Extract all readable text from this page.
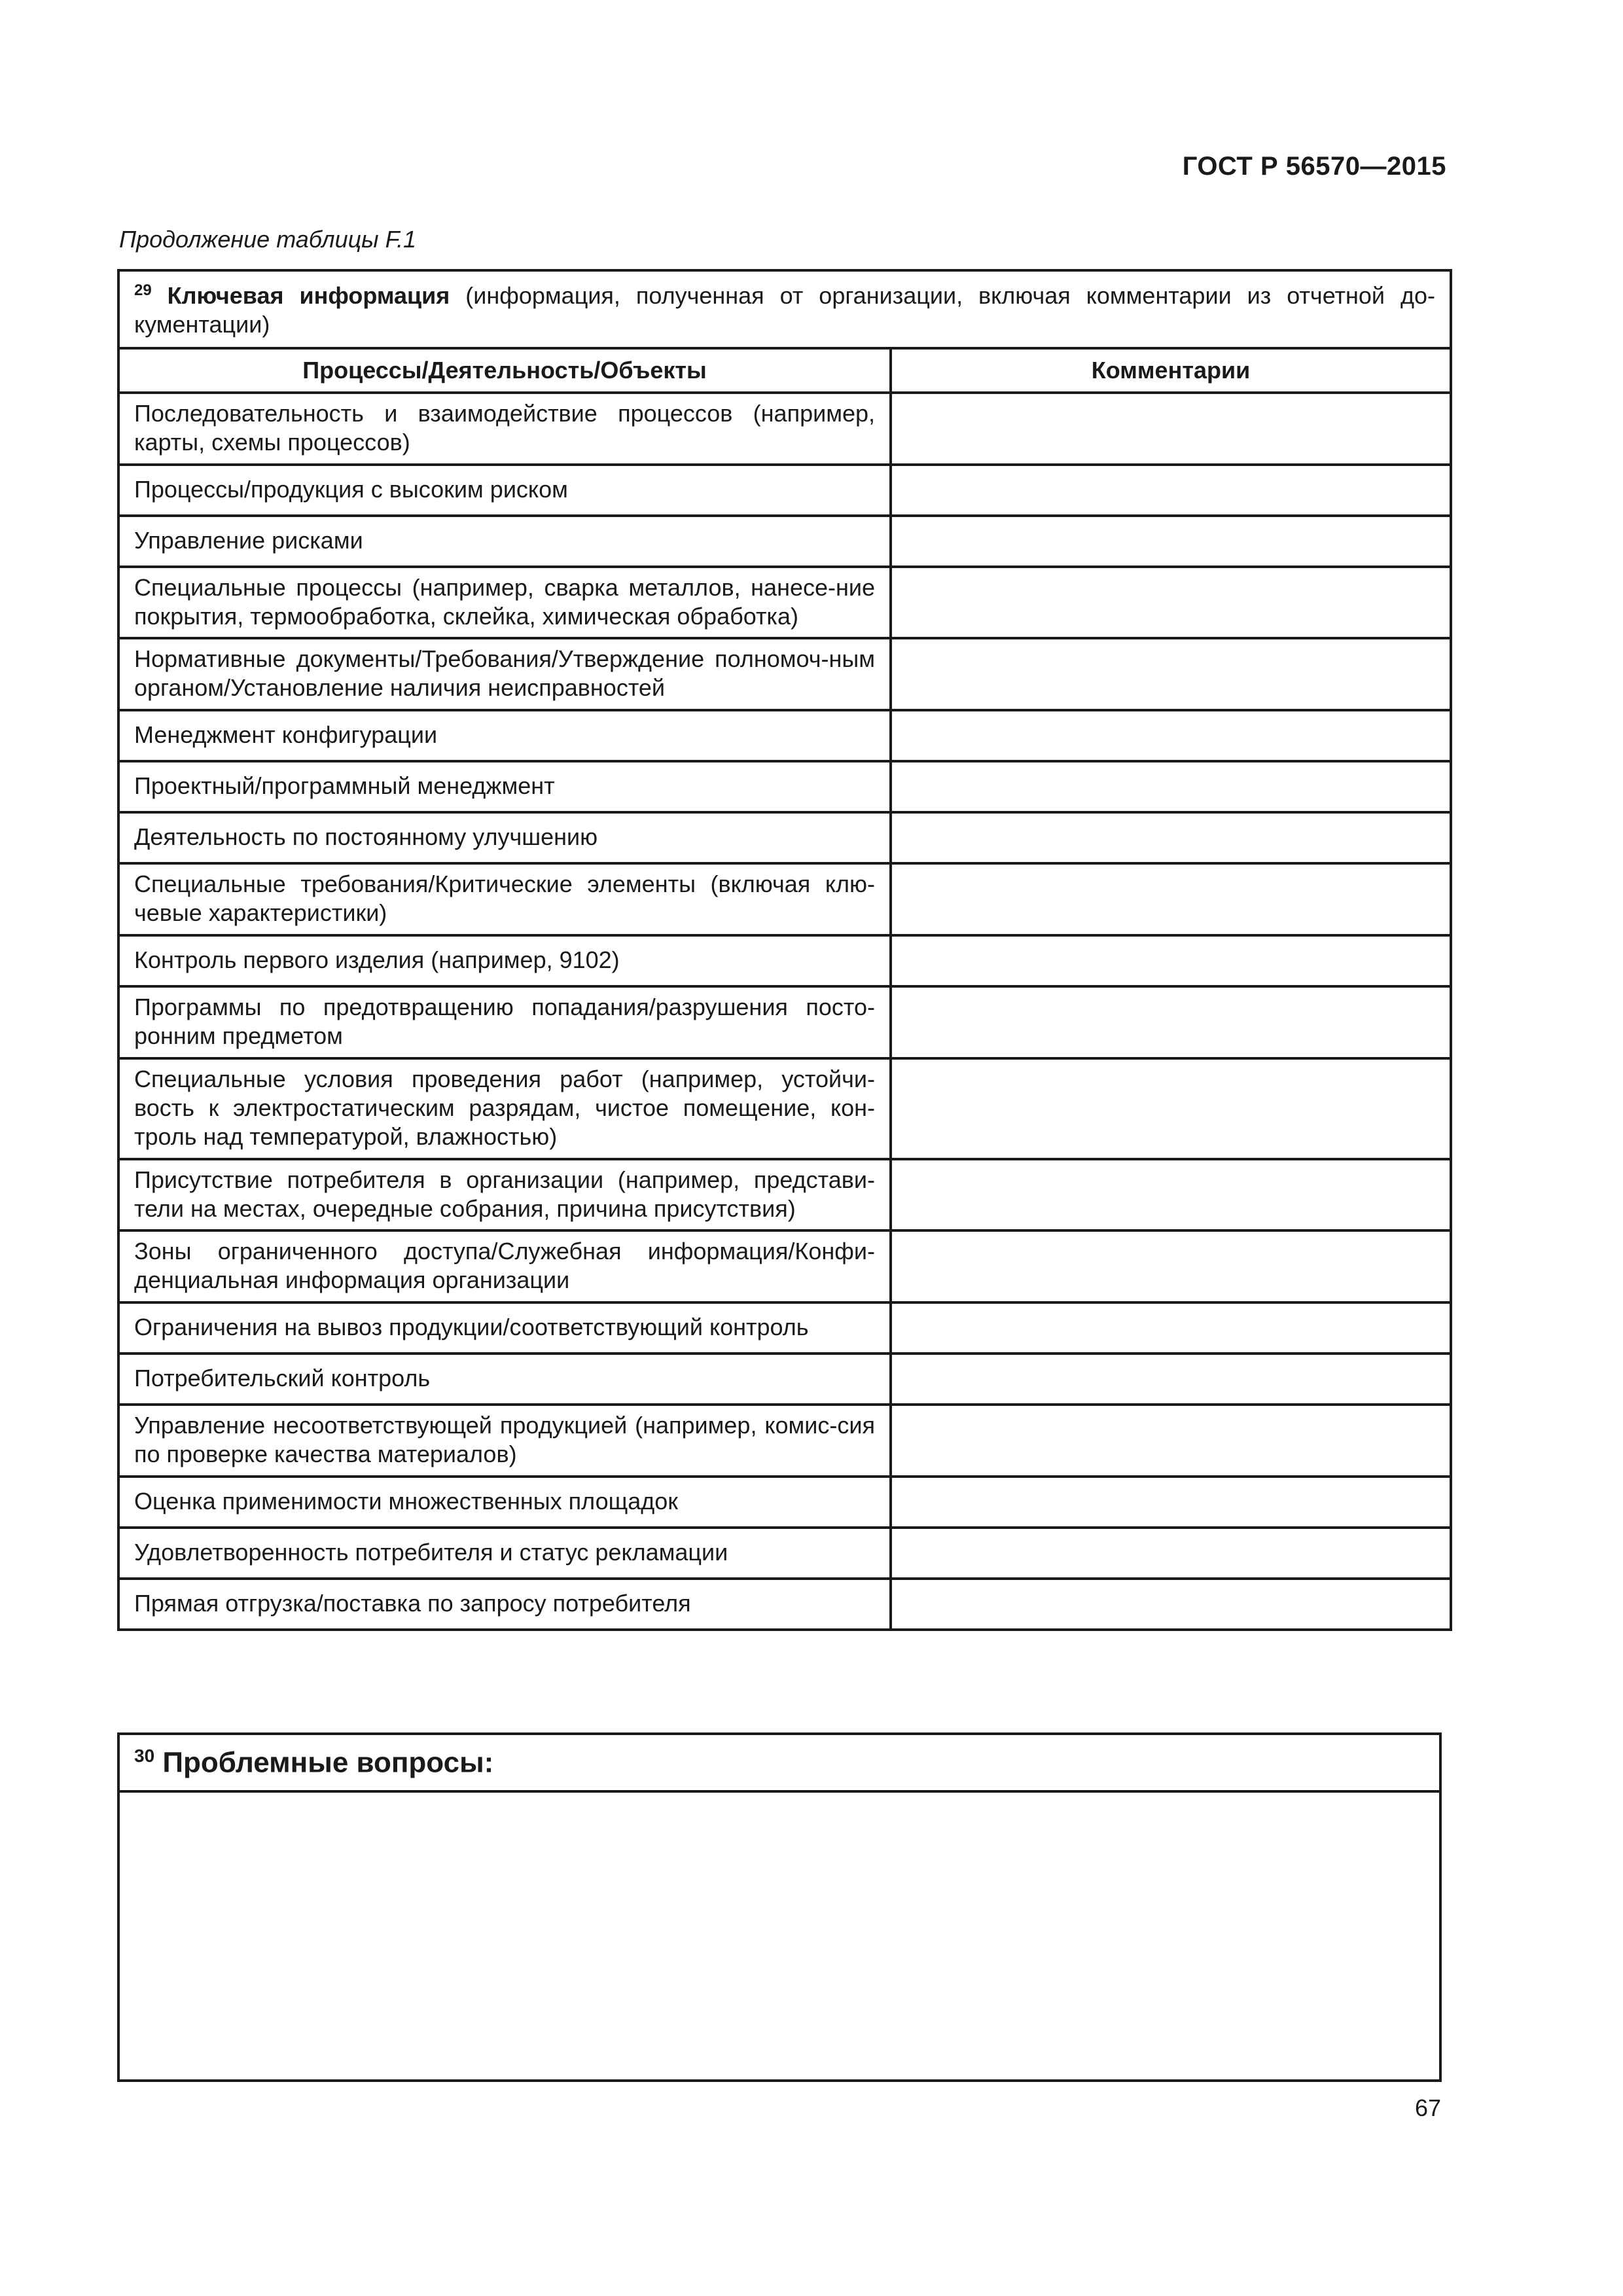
ГОСТ Р 56570—2015
Продолжение таблицы F.1
$^{29}$ Ключевая информация (информация, полученная от организации, включая комментарии из отчетной до-кументации)	
Процессы/Деятельность/Объекты	Комментарии
Последовательность и взаимодействие процессов (например, карты, схемы процессов)	
Процессы/продукция с высоким риском	
Управление рисками	
Специальные процессы (например, сварка металлов, нанесе-ние покрытия, термообработка, склейка, химическая обработка)	
Нормативные документы/Требования/Утверждение полномоч-ным органом/Установление наличия неисправностей	
Менеджмент конфигурации	
Проектный/программный менеджмент	
Деятельность по постоянному улучшению	
Специальные требования/Критические элементы (включая клю-чевые характеристики)	
Контроль первого изделия (например, 9102)	
Программы по предотвращению попадания/разрушения посто-ронним предметом	
Специальные условия проведения работ (например, устойчи-вость к электростатическим разрядам, чистое помещение, кон-троль над температурой, влажностью)	
Присутствие потребителя в организации (например, представи-тели на местах, очередные собрания, причина присутствия)	
Зоны ограниченного доступа/Служебная информация/Конфи-денциальная информация организации	
Ограничения на вывоз продукции/соответствующий контроль	
Потребительский контроль	
Управление несоответствующей продукцией (например, комис-сия по проверке качества материалов)	
Оценка применимости множественных площадок	
Удовлетворенность потребителя и статус рекламации	
Прямая отгрузка/поставка по запросу потребителя	
$^{30}$ Проблемные вопросы:
67
